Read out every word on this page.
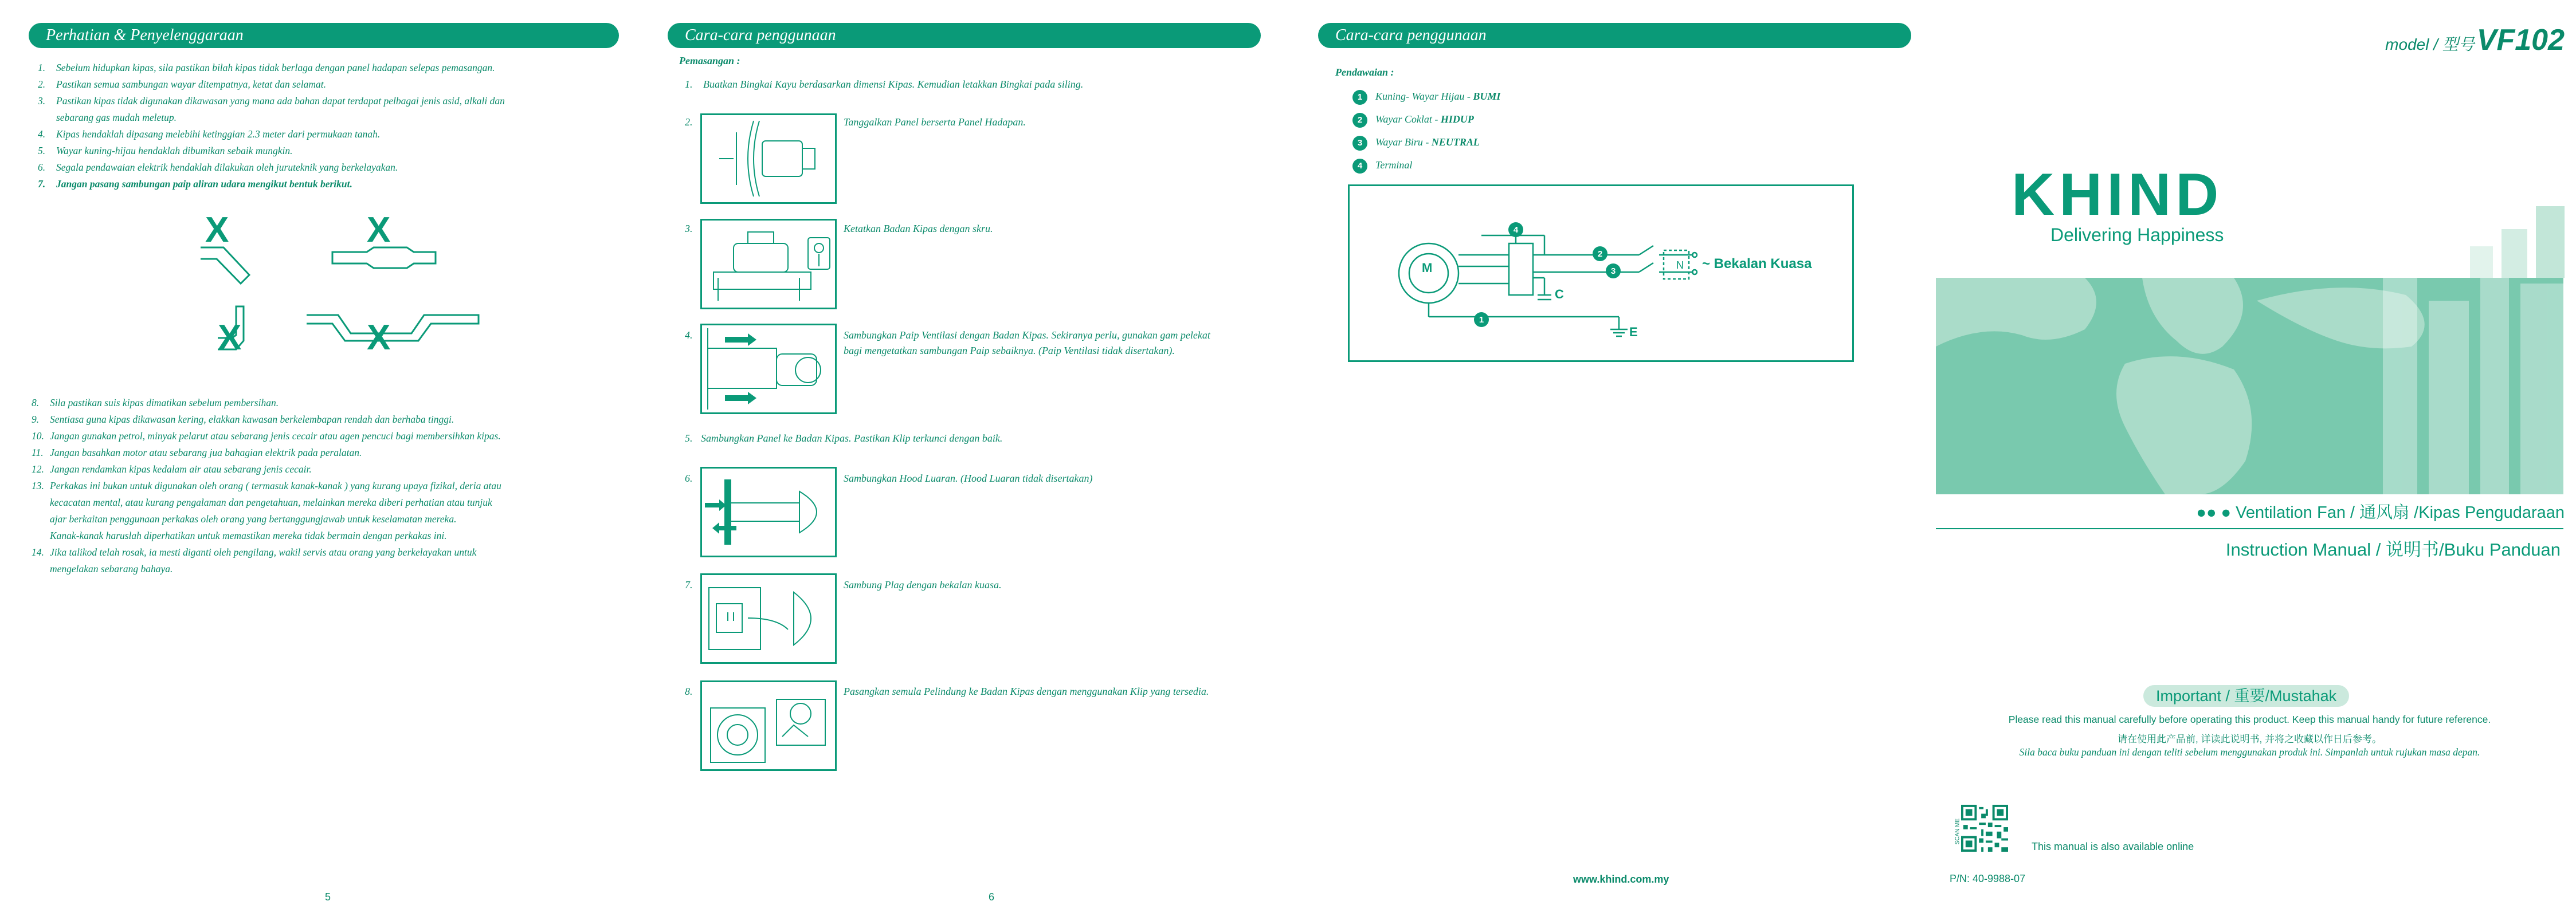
Perhatian & Penyelenggaraan
1. Sebelum hidupkan kipas, sila pastikan bilah kipas tidak berlaga dengan panel hadapan selepas pemasangan.
2. Pastikan semua sambungan wayar ditempatnya, ketat dan selamat.
3. Pastikan kipas tidak digunakan dikawasan yang mana ada bahan dapat terdapat pelbagai jenis asid, alkali dan
sebarang gas mudah meletup.
4. Kipas hendaklah dipasang melebihi ketinggian 2.3 meter dari permukaan tanah.
5. Wayar kuning-hijau hendaklah dibumikan sebaik mungkin.
6. Segala pendawaian elektrik hendaklah dilakukan oleh juruteknik yang berkelayakan.
7. Jangan pasang sambungan paip aliran udara mengikut bentuk berikut.
X	X
X	X
8. Sila pastikan suis kipas dimatikan sebelum pembersihan.
9. Sentiasa guna kipas dikawasan kering, elakkan kawasan berkelembapan rendah dan berhaba tinggi.
10. Jangan gunakan petrol, minyak pelarut atau sebarang jenis cecair atau agen pencuci bagi membersihkan kipas.
11. Jangan basahkan motor atau sebarang jua bahagian elektrik pada peralatan.
12. Jangan rendamkan kipas kedalam air atau sebarang jenis cecair.
13. Perkakas ini bukan untuk digunakan oleh orang ( termasuk kanak-kanak ) yang kurang upaya fizikal, deria atau
kecacatan mental, atau kurang pengalaman dan pengetahuan, melainkan mereka diberi perhatian atau tunjuk
ajar berkaitan penggunaan perkakas oleh orang yang bertanggungjawab untuk keselamatan mereka.
Kanak-kanak haruslah diperhatikan untuk memastikan mereka tidak bermain dengan perkakas ini.
14. Jika talikod telah rosak, ia mesti diganti oleh pengilang, wakil servis atau orang yang berkelayakan untuk
mengelakan sebarang bahaya.
5
Cara-cara penggunaan
Pemasangan :
1. Buatkan Bingkai Kayu berdasarkan dimensi Kipas. Kemudian letakkan Bingkai pada siling.
2.	Tanggalkan Panel berserta Panel Hadapan.
3.	Ketatkan Badan Kipas dengan skru.
4.	Sambungkan Paip Ventilasi dengan Badan Kipas. Sekiranya perlu, gunakan gam pelekat bagi mengetatkan sambungan Paip sebaiknya. (Paip Ventilasi tidak disertakan).
5. Sambungkan Panel ke Badan Kipas. Pastikan Klip terkunci dengan baik.
6.	Sambungkan Hood Luaran. (Hood Luaran tidak disertakan)
7.	Sambung Plag dengan bekalan kuasa.
8.	Pasangkan semula Pelindung ke Badan Kipas dengan menggunakan Klip yang tersedia.
6
Cara-cara penggunaan
Pendawaian :
1 Kuning- Wayar Hijau - BUMI
2 Wayar Coklat - HIDUP
3 Wayar Biru - NEUTRAL
4 Terminal
M
C
E
N ~ Bekalan Kuasa
1
2
3
4
www.khind.com.my
model / 型号 VF102
KHIND
Delivering Happiness
●● ● Ventilation Fan / 通风扇 /Kipas Pengudaraan
Instruction Manual / 说明书/Buku Panduan
Important / 重要/Mustahak
Please read this manual carefully before operating this product. Keep this manual handy for future reference.
请在使用此产品前, 详读此说明书, 并将之收藏以作日后参考。
Sila baca buku panduan ini dengan teliti sebelum menggunakan produk ini. Simpanlah untuk rujukan masa depan.
SCAN ME
This manual is also available online
P/N: 40-9988-07
